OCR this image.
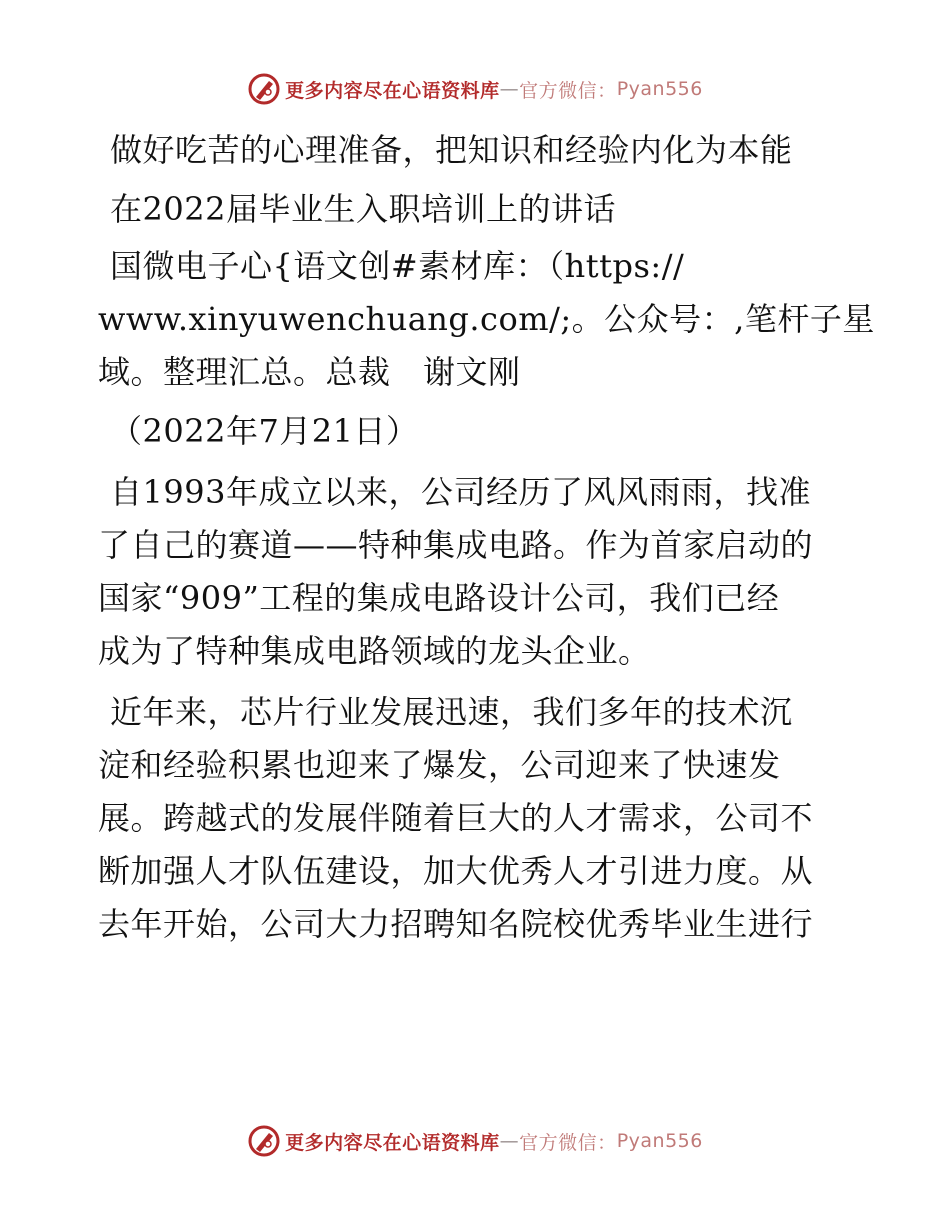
更多内容尽在心语资料库 — 官方微信： Pyan556
做好吃苦的心理准备，把知识和经验内化为本能
在2022届毕业生入职培训上的讲话
国微电子心{语文创#素材库：（https://
www.xinyuwenchuang.com/;。公众号：,笔杆子星
域。整理汇总。总裁　谢文刚
（2022年7月21日）
自1993年成立以来，公司经历了风风雨雨，找准
了自己的赛道——特种集成电路。作为首家启动的
国家“909”工程的集成电路设计公司，我们已经
成为了特种集成电路领域的龙头企业。
近年来，芯片行业发展迅速，我们多年的技术沉
淀和经验积累也迎来了爆发，公司迎来了快速发
展。跨越式的发展伴随着巨大的人才需求，公司不
断加强人才队伍建设，加大优秀人才引进力度。从
去年开始，公司大力招聘知名院校优秀毕业生进行
更多内容尽在心语资料库 — 官方微信： Pyan556
